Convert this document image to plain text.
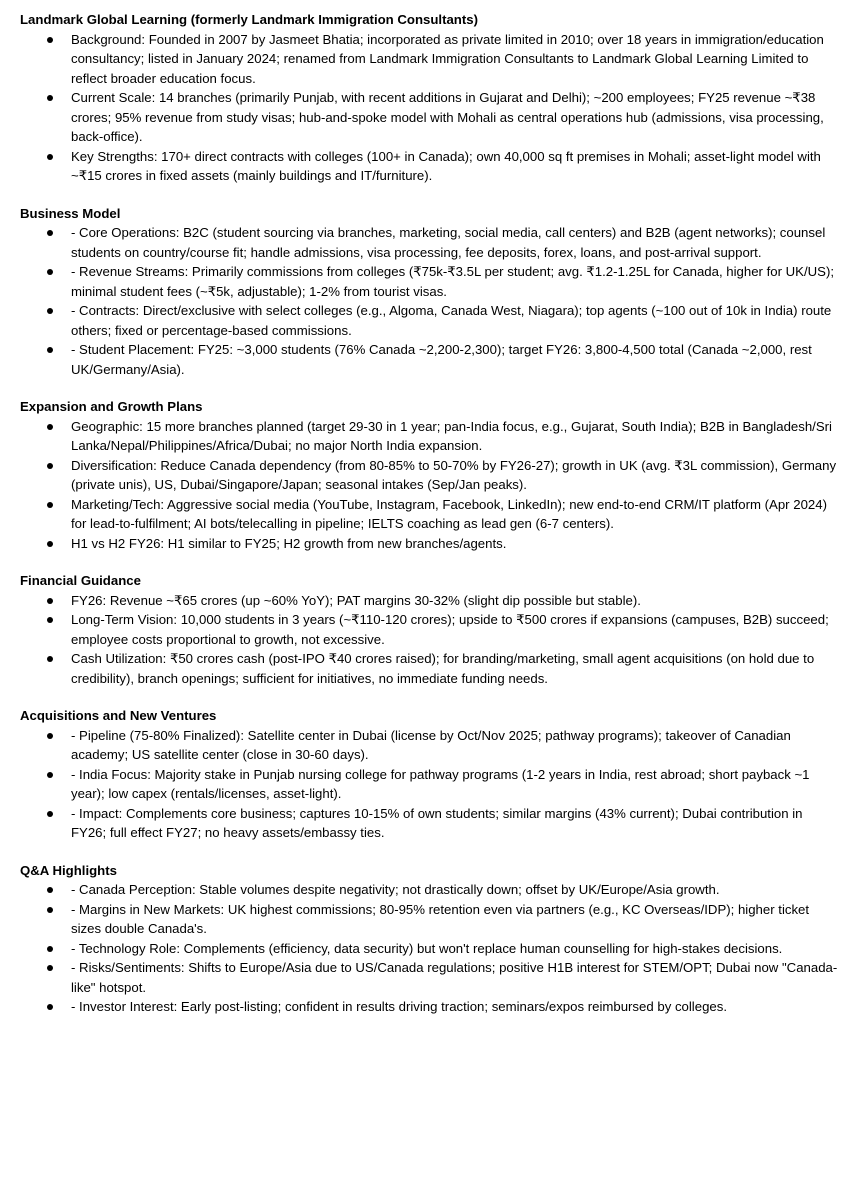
Landmark Global Learning (formerly Landmark Immigration Consultants)
Background: Founded in 2007 by Jasmeet Bhatia; incorporated as private limited in 2010; over 18 years in immigration/education consultancy; listed in January 2024; renamed from Landmark Immigration Consultants to Landmark Global Learning Limited to reflect broader education focus.
Current Scale: 14 branches (primarily Punjab, with recent additions in Gujarat and Delhi); ~200 employees; FY25 revenue ~₹38 crores; 95% revenue from study visas; hub-and-spoke model with Mohali as central operations hub (admissions, visa processing, back-office).
Key Strengths: 170+ direct contracts with colleges (100+ in Canada); own 40,000 sq ft premises in Mohali; asset-light model with ~₹15 crores in fixed assets (mainly buildings and IT/furniture).
Business Model
- Core Operations: B2C (student sourcing via branches, marketing, social media, call centers) and B2B (agent networks); counsel students on country/course fit; handle admissions, visa processing, fee deposits, forex, loans, and post-arrival support.
- Revenue Streams: Primarily commissions from colleges (₹75k-₹3.5L per student; avg. ₹1.2-1.25L for Canada, higher for UK/US); minimal student fees (~₹5k, adjustable); 1-2% from tourist visas.
- Contracts: Direct/exclusive with select colleges (e.g., Algoma, Canada West, Niagara); top agents (~100 out of 10k in India) route others; fixed or percentage-based commissions.
- Student Placement: FY25: ~3,000 students (76% Canada ~2,200-2,300); target FY26: 3,800-4,500 total (Canada ~2,000, rest UK/Germany/Asia).
Expansion and Growth Plans
Geographic: 15 more branches planned (target 29-30 in 1 year; pan-India focus, e.g., Gujarat, South India); B2B in Bangladesh/Sri Lanka/Nepal/Philippines/Africa/Dubai; no major North India expansion.
Diversification: Reduce Canada dependency (from 80-85% to 50-70% by FY26-27); growth in UK (avg. ₹3L commission), Germany (private unis), US, Dubai/Singapore/Japan; seasonal intakes (Sep/Jan peaks).
Marketing/Tech: Aggressive social media (YouTube, Instagram, Facebook, LinkedIn); new end-to-end CRM/IT platform (Apr 2024) for lead-to-fulfilment; AI bots/telecalling in pipeline; IELTS coaching as lead gen (6-7 centers).
H1 vs H2 FY26: H1 similar to FY25; H2 growth from new branches/agents.
Financial Guidance
FY26: Revenue ~₹65 crores (up ~60% YoY); PAT margins 30-32% (slight dip possible but stable).
Long-Term Vision: 10,000 students in 3 years (~₹110-120 crores); upside to ₹500 crores if expansions (campuses, B2B) succeed; employee costs proportional to growth, not excessive.
Cash Utilization: ₹50 crores cash (post-IPO ₹40 crores raised); for branding/marketing, small agent acquisitions (on hold due to credibility), branch openings; sufficient for initiatives, no immediate funding needs.
Acquisitions and New Ventures
- Pipeline (75-80% Finalized): Satellite center in Dubai (license by Oct/Nov 2025; pathway programs); takeover of Canadian academy; US satellite center (close in 30-60 days).
- India Focus: Majority stake in Punjab nursing college for pathway programs (1-2 years in India, rest abroad; short payback ~1 year); low capex (rentals/licenses, asset-light).
- Impact: Complements core business; captures 10-15% of own students; similar margins (43% current); Dubai contribution in FY26; full effect FY27; no heavy assets/embassy ties.
Q&A Highlights
- Canada Perception: Stable volumes despite negativity; not drastically down; offset by UK/Europe/Asia growth.
- Margins in New Markets: UK highest commissions; 80-95% retention even via partners (e.g., KC Overseas/IDP); higher ticket sizes double Canada's.
- Technology Role: Complements (efficiency, data security) but won't replace human counselling for high-stakes decisions.
- Risks/Sentiments: Shifts to Europe/Asia due to US/Canada regulations; positive H1B interest for STEM/OPT; Dubai now "Canada-like" hotspot.
- Investor Interest: Early post-listing; confident in results driving traction; seminars/expos reimbursed by colleges.
